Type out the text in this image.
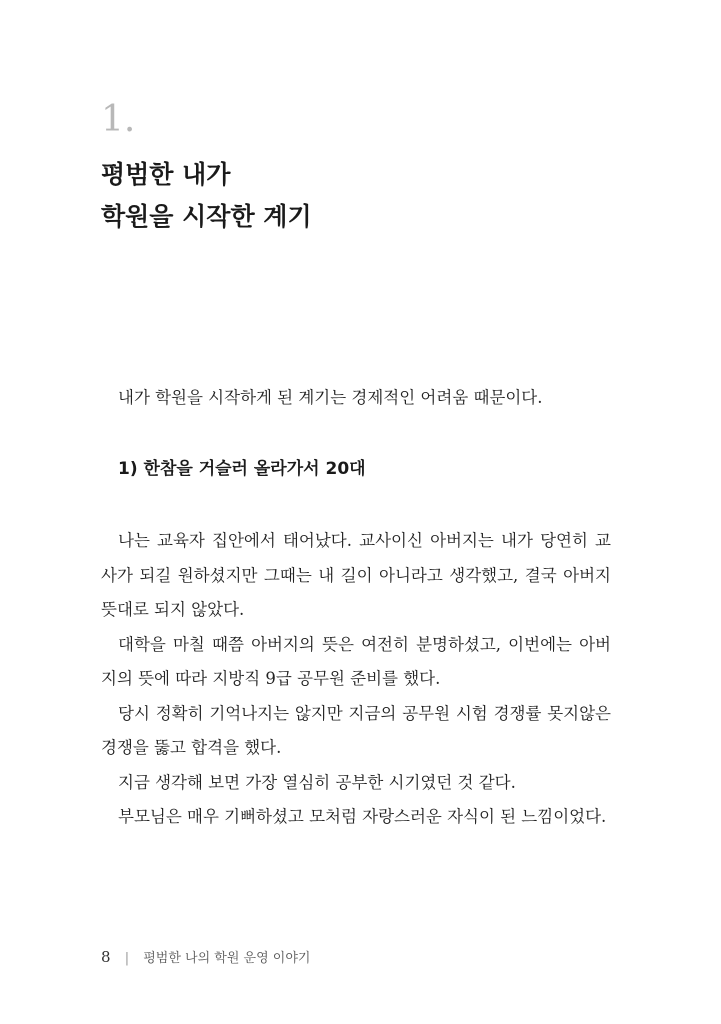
1.
평범한 내가
학원을 시작한 계기

내가 학원을 시작하게 된 계기는 경제적인 어려움 때문이다.

1) 한참을 거슬러 올라가서 20대

나는 교육자 집안에서 태어났다. 교사이신 아버지는 내가 당연히 교사가 되길 원하셨지만 그때는 내 길이 아니라고 생각했고, 결국 아버지 뜻대로 되지 않았다.

대학을 마칠 때쯤 아버지의 뜻은 여전히 분명하셨고, 이번에는 아버지의 뜻에 따라 지방직 9급 공무원 준비를 했다.

당시 정확히 기억나지는 않지만 지금의 공무원 시험 경쟁률 못지않은 경쟁을 뚫고 합격을 했다.

지금 생각해 보면 가장 열심히 공부한 시기였던 것 같다.

부모님은 매우 기뻐하셨고 모처럼 자랑스러운 자식이 된 느낌이었다.

8 | 평범한 나의 학원 운영 이야기
